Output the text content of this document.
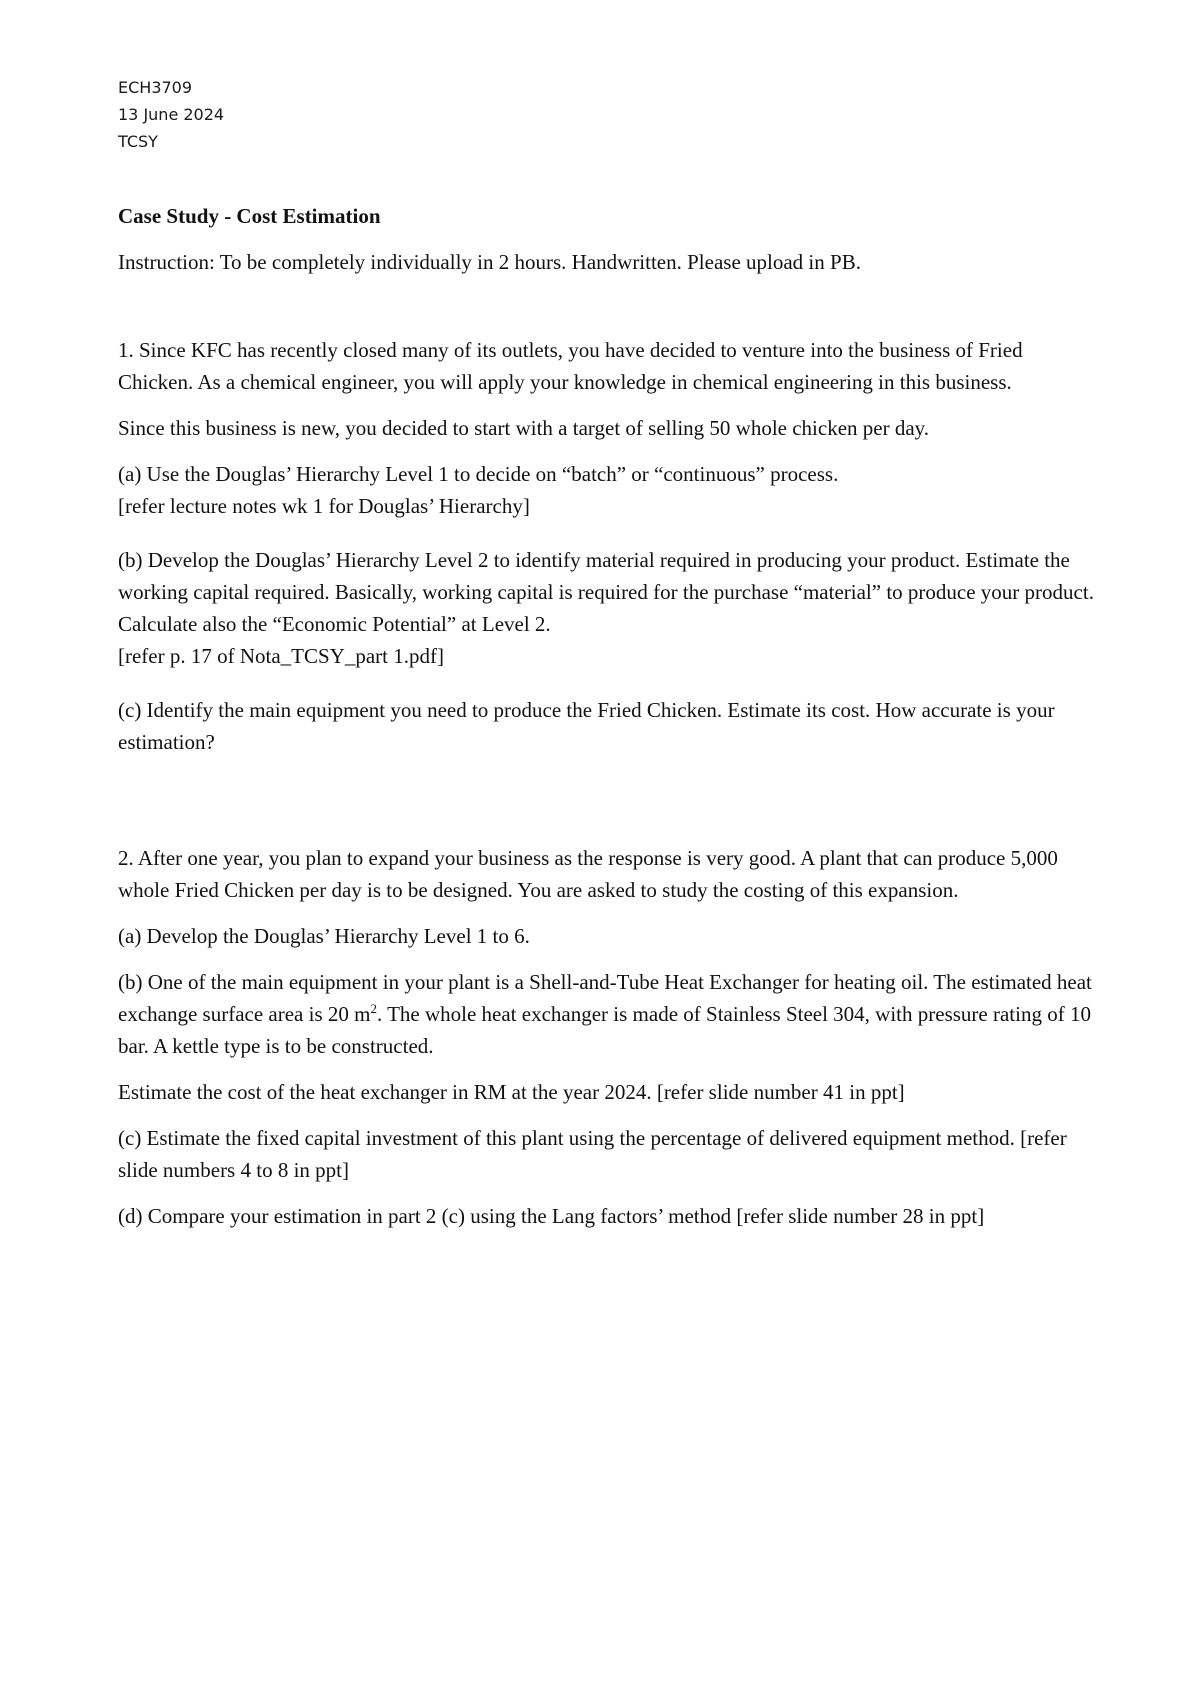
ECH3709
13 June 2024
TCSY

Case Study - Cost Estimation

Instruction: To be completely individually in 2 hours. Handwritten. Please upload in PB.

1. Since KFC has recently closed many of its outlets, you have decided to venture into the business of Fried Chicken. As a chemical engineer, you will apply your knowledge in chemical engineering in this business.

Since this business is new, you decided to start with a target of selling 50 whole chicken per day.

(a) Use the Douglas’ Hierarchy Level 1 to decide on “batch” or “continuous” process.
[refer lecture notes wk 1 for Douglas’ Hierarchy]

(b) Develop the Douglas’ Hierarchy Level 2 to identify material required in producing your product. Estimate the working capital required. Basically, working capital is required for the purchase “material” to produce your product. Calculate also the “Economic Potential” at Level 2.
[refer p. 17 of Nota_TCSY_part 1.pdf]

(c) Identify the main equipment you need to produce the Fried Chicken. Estimate its cost. How accurate is your estimation?

2. After one year, you plan to expand your business as the response is very good. A plant that can produce 5,000 whole Fried Chicken per day is to be designed. You are asked to study the costing of this expansion.

(a) Develop the Douglas’ Hierarchy Level 1 to 6.

(b) One of the main equipment in your plant is a Shell-and-Tube Heat Exchanger for heating oil. The estimated heat exchange surface area is 20 $m^2$. The whole heat exchanger is made of Stainless Steel 304, with pressure rating of 10 bar. A kettle type is to be constructed.

Estimate the cost of the heat exchanger in RM at the year 2024. [refer slide number 41 in ppt]

(c) Estimate the fixed capital investment of this plant using the percentage of delivered equipment method. [refer slide numbers 4 to 8 in ppt]

(d) Compare your estimation in part 2 (c) using the Lang factors’ method [refer slide number 28 in ppt]
